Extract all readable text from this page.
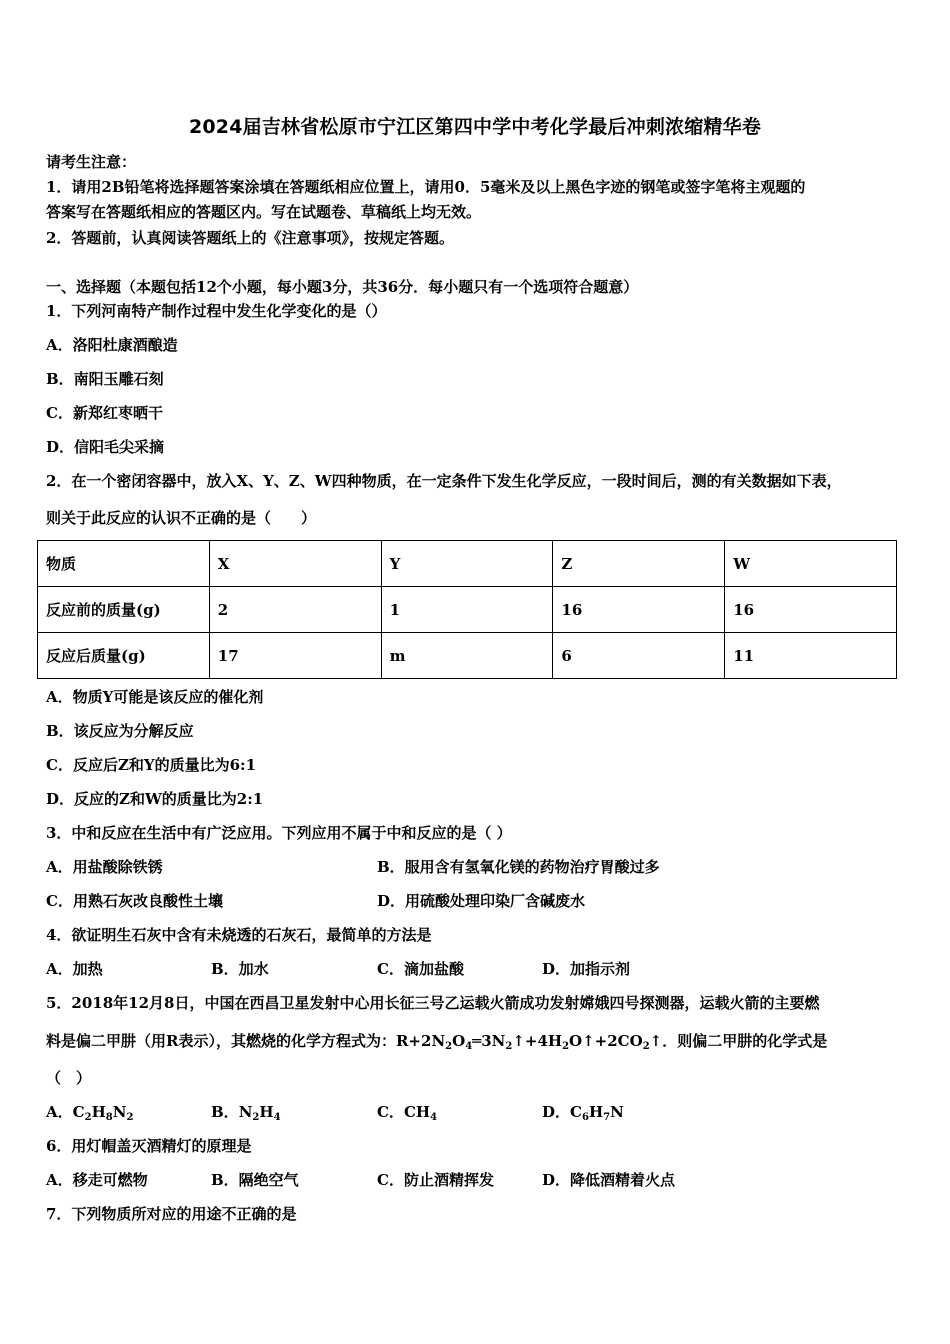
2024届吉林省松原市宁江区第四中学中考化学最后冲刺浓缩精华卷
请考生注意：
1．请用2B铅笔将选择题答案涂填在答题纸相应位置上，请用0．5毫米及以上黑色字迹的钢笔或签字笔将主观题的
答案写在答题纸相应的答题区内。写在试题卷、草稿纸上均无效。
2．答题前，认真阅读答题纸上的《注意事项》，按规定答题。
一、选择题（本题包括12个小题，每小题3分，共36分．每小题只有一个选项符合题意）
1．下列河南特产制作过程中发生化学变化的是（）
A．洛阳杜康酒酿造
B．南阳玉雕石刻
C．新郑红枣晒干
D．信阳毛尖采摘
2．在一个密闭容器中，放入X、Y、Z、W四种物质，在一定条件下发生化学反应，一段时间后，测的有关数据如下表，
则关于此反应的认识不正确的是（　　）
物质	X	Y	Z	W
反应前的质量(g)	2	1	16	16
反应后质量(g)	17	m	6	11
A．物质Y可能是该反应的催化剂
B．该反应为分解反应
C．反应后Z和Y的质量比为6:1
D．反应的Z和W的质量比为2:1
3．中和反应在生活中有广泛应用。下列应用不属于中和反应的是（ ）
A．用盐酸除铁锈	B．服用含有氢氧化镁的药物治疗胃酸过多
C．用熟石灰改良酸性土壤	D．用硫酸处理印染厂含碱废水
4．欲证明生石灰中含有未烧透的石灰石，最简单的方法是
A．加热	B．加水	C．滴加盐酸	D．加指示剂
5．2018年12月8日，中国在西昌卫星发射中心用长征三号乙运载火箭成功发射嫦娥四号探测器，运载火箭的主要燃
料是偏二甲肼（用R表示），其燃烧的化学方程式为：$R+2N_2O_4═3N_2↑+4H_2O↑+2CO_2↑$．则偏二甲肼的化学式是
（　）
A．$C_2H_8N_2$	B．$N_2H_4$	C．$CH_4$	D．$C_6H_7N$
6．用灯帽盖灭酒精灯的原理是
A．移走可燃物	B．隔绝空气	C．防止酒精挥发	D．降低酒精着火点
7．下列物质所对应的用途不正确的是
